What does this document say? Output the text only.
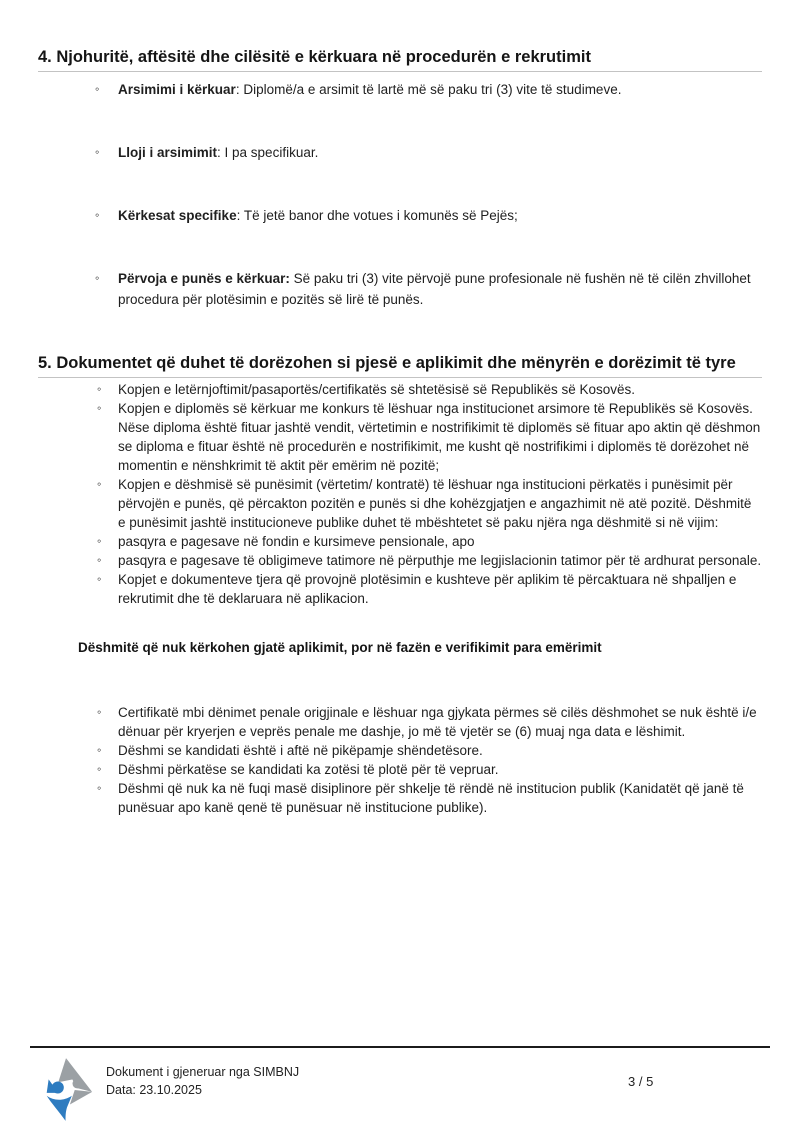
4. Njohuritë, aftësitë dhe cilësitë e kërkuara në procedurën e rekrutimit
◦ Arsimimi i kërkuar: Diplomë/a e arsimit të lartë më së paku tri (3) vite të studimeve.
◦ Lloji i arsimimit: I pa specifikuar.
◦ Kërkesat specifike: Të jetë banor dhe votues i komunës së Pejës;
◦ Përvoja e punës e kërkuar: Së paku tri (3) vite përvojë pune profesionale në fushën në të cilën zhvillohet procedura për plotësimin e pozitës së lirë të punës.
5. Dokumentet që duhet të dorëzohen si pjesë e aplikimit dhe mënyrën e dorëzimit të tyre
◦ Kopjen e letërnjoftimit/pasaportës/certifikatës së shtetësisë së Republikës së Kosovës.
◦ Kopjen e diplomës së kërkuar me konkurs të lëshuar nga institucionet arsimore të Republikës së Kosovës. Nëse diploma është fituar jashtë vendit, vërtetimin e nostrifikimit të diplomës së fituar apo aktin që dëshmon se diploma e fituar është në procedurën e nostrifikimit, me kusht që nostrifikimi i diplomës të dorëzohet në momentin e nënshkrimit të aktit për emërim në pozitë;
◦ Kopjen e dëshmisë së punësimit (vërtetim/ kontratë) të lëshuar nga institucioni përkatës i punësimit për përvojën e punës, që përcakton pozitën e punës si dhe kohëzgjatjen e angazhimit në atë pozitë. Dëshmitë e punësimit jashtë institucioneve publike duhet të mbështetet së paku njëra nga dëshmitë si në vijim:
◦ pasqyra e pagesave në fondin e kursimeve pensionale, apo
◦ pasqyra e pagesave të obligimeve tatimore në përputhje me legjislacionin tatimor për të ardhurat personale.
◦ Kopjet e dokumenteve tjera që provojnë plotësimin e kushteve për aplikim të përcaktuara në shpalljen e rekrutimit dhe të deklaruara në aplikacion.

Dëshmitë që nuk kërkohen gjatë aplikimit, por në fazën e verifikimit para emërimit

◦ Certifikatë mbi dënimet penale origjinale e lëshuar nga gjykata përmes së cilës dëshmohet se nuk është i/e dënuar për kryerjen e veprës penale me dashje, jo më të vjetër se (6) muaj nga data e lëshimit.
◦ Dëshmi se kandidati është i aftë në pikëpamje shëndetësore.
◦ Dëshmi përkatëse se kandidati ka zotësi të plotë për të vepruar.
◦ Dëshmi që nuk ka në fuqi masë disiplinore për shkelje të rëndë në institucion publik (Kanidatët që janë të punësuar apo kanë qenë të punësuar në institucione publike).
Dokument i gjeneruar nga SIMBNJ
Data: 23.10.2025
3 / 5
